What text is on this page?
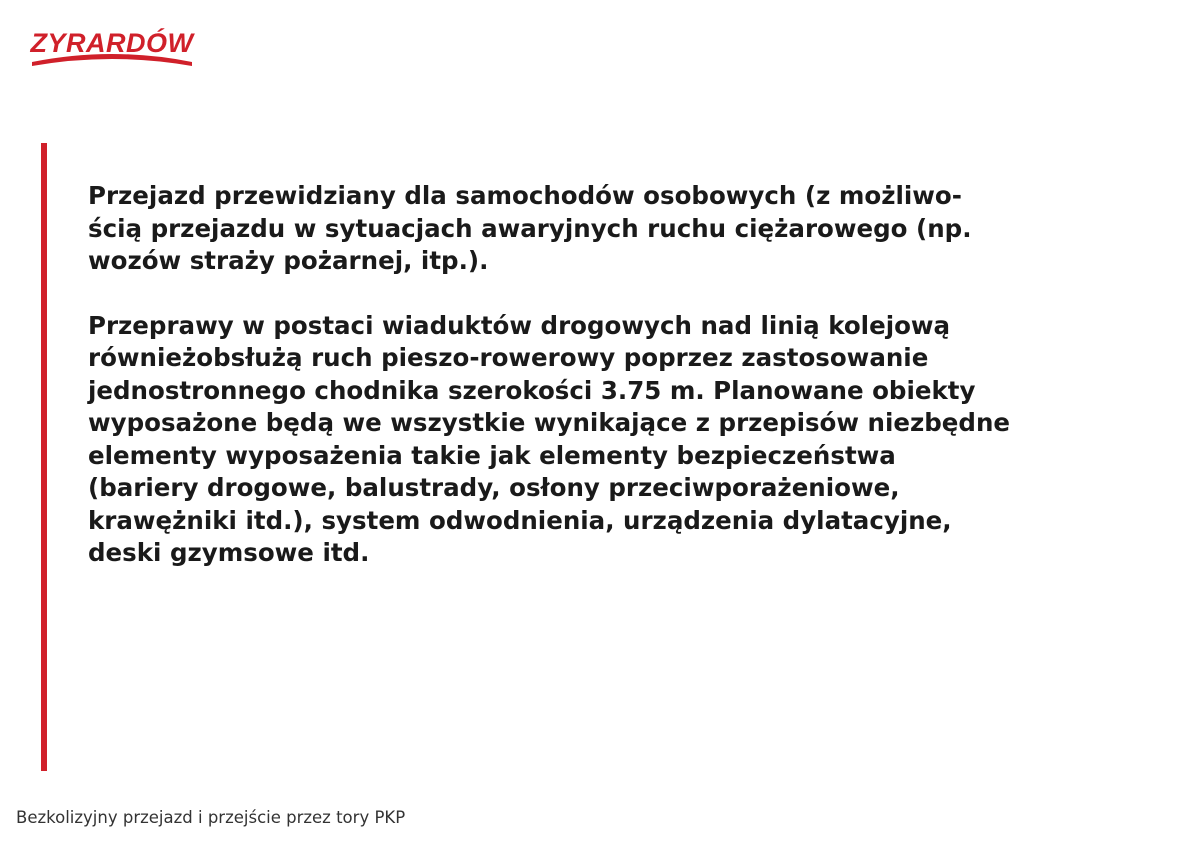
ZYRARDÓW

Przejazd przewidziany dla samochodów osobowych (z możliwo-
ścią przejazdu w sytuacjach awaryjnych ruchu ciężarowego (np.
wozów straży pożarnej, itp.).

Przeprawy w postaci wiaduktów drogowych nad linią kolejową
równieżobsłużą ruch pieszo-rowerowy poprzez zastosowanie
jednostronnego chodnika szerokości 3.75 m. Planowane obiekty
wyposażone będą we wszystkie wynikające z przepisów niezbędne
elementy wyposażenia takie jak elementy bezpieczeństwa
(bariery drogowe, balustrady, osłony przeciwporażeniowe,
krawężniki itd.), system odwodnienia, urządzenia dylatacyjne,
deski gzymsowe itd.

Bezkolizyjny przejazd i przejście przez tory PKP
